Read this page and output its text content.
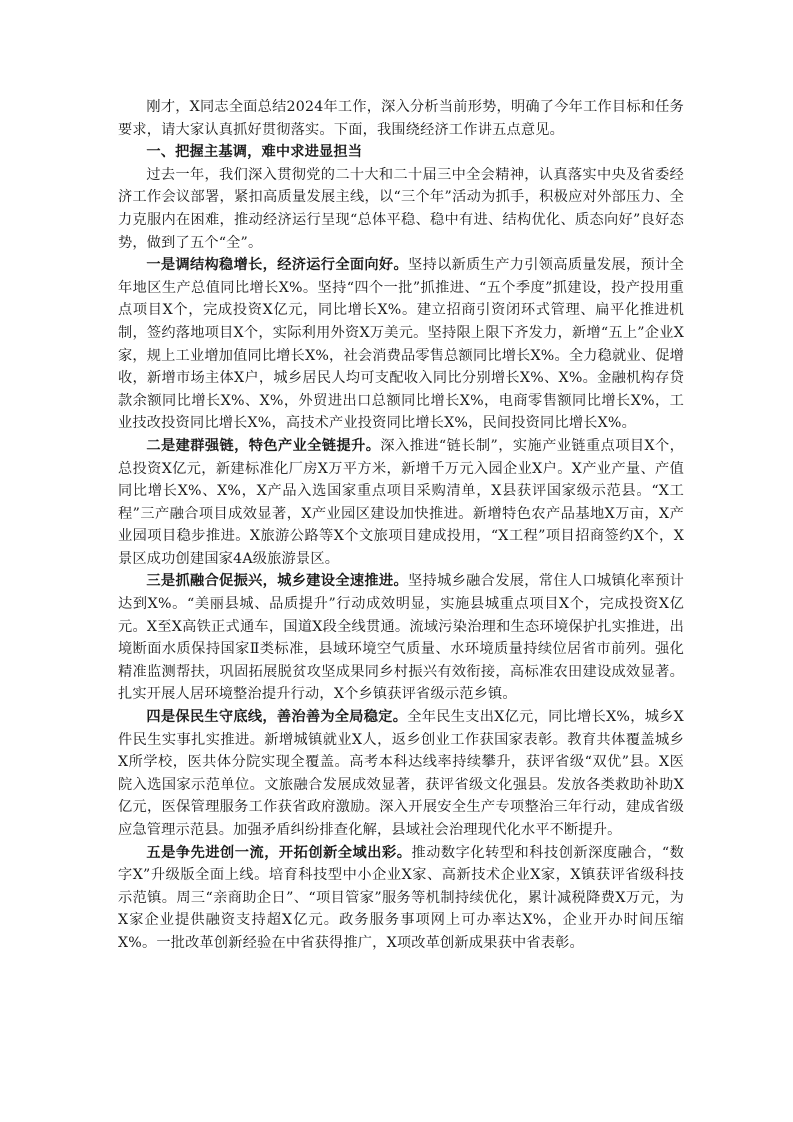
刚才，X同志全面总结2024年工作，深入分析当前形势，明确了今年工作目标和任务要求，请大家认真抓好贯彻落实。下面，我围绕经济工作讲五点意见。

一、把握主基调，难中求进显担当

过去一年，我们深入贯彻党的二十大和二十届三中全会精神，认真落实中央及省委经济工作会议部署，紧扣高质量发展主线，以“三个年”活动为抓手，积极应对外部压力、全力克服内在困难，推动经济运行呈现“总体平稳、稳中有进、结构优化、质态向好”良好态势，做到了五个“全”。

一是调结构稳增长，经济运行全面向好。坚持以新质生产力引领高质量发展，预计全年地区生产总值同比增长X%。坚持“四个一批”抓推进、“五个季度”抓建设，投产投用重点项目X个，完成投资X亿元，同比增长X%。建立招商引资闭环式管理、扁平化推进机制，签约落地项目X个，实际利用外资X万美元。坚持限上限下齐发力，新增“五上”企业X家，规上工业增加值同比增长X%，社会消费品零售总额同比增长X%。全力稳就业、促增收，新增市场主体X户，城乡居民人均可支配收入同比分别增长X%、X%。金融机构存贷款余额同比增长X%、X%，外贸进出口总额同比增长X%，电商零售额同比增长X%，工业技改投资同比增长X%，高技术产业投资同比增长X%，民间投资同比增长X%。

二是建群强链，特色产业全链提升。深入推进“链长制”，实施产业链重点项目X个，总投资X亿元，新建标准化厂房X万平方米，新增千万元入园企业X户。X产业产量、产值同比增长X%、X%，X产品入选国家重点项目采购清单，X县获评国家级示范县。“X工程”三产融合项目成效显著，X产业园区建设加快推进。新增特色农产品基地X万亩，X产业园项目稳步推进。X旅游公路等X个文旅项目建成投用，“X工程”项目招商签约X个，X景区成功创建国家4A级旅游景区。

三是抓融合促振兴，城乡建设全速推进。坚持城乡融合发展，常住人口城镇化率预计达到X%。“美丽县城、品质提升”行动成效明显，实施县城重点项目X个，完成投资X亿元。X至X高铁正式通车，国道X段全线贯通。流域污染治理和生态环境保护扎实推进，出境断面水质保持国家Ⅱ类标准，县域环境空气质量、水环境质量持续位居省市前列。强化精准监测帮扶，巩固拓展脱贫攻坚成果同乡村振兴有效衔接，高标准农田建设成效显著。扎实开展人居环境整治提升行动，X个乡镇获评省级示范乡镇。

四是保民生守底线，善治善为全局稳定。全年民生支出X亿元，同比增长X%，城乡X件民生实事扎实推进。新增城镇就业X人，返乡创业工作获国家表彰。教育共体覆盖城乡X所学校，医共体分院实现全覆盖。高考本科达线率持续攀升，获评省级“双优”县。X医院入选国家示范单位。文旅融合发展成效显著，获评省级文化强县。发放各类救助补助X亿元，医保管理服务工作获省政府激励。深入开展安全生产专项整治三年行动，建成省级应急管理示范县。加强矛盾纠纷排查化解，县域社会治理现代化水平不断提升。

五是争先进创一流，开拓创新全域出彩。推动数字化转型和科技创新深度融合，“数字X”升级版全面上线。培育科技型中小企业X家、高新技术企业X家，X镇获评省级科技示范镇。周三“亲商助企日”、“项目管家”服务等机制持续优化，累计减税降费X万元，为X家企业提供融资支持超X亿元。政务服务事项网上可办率达X%，企业开办时间压缩X%。一批改革创新经验在中省获得推广，X项改革创新成果获中省表彰。
